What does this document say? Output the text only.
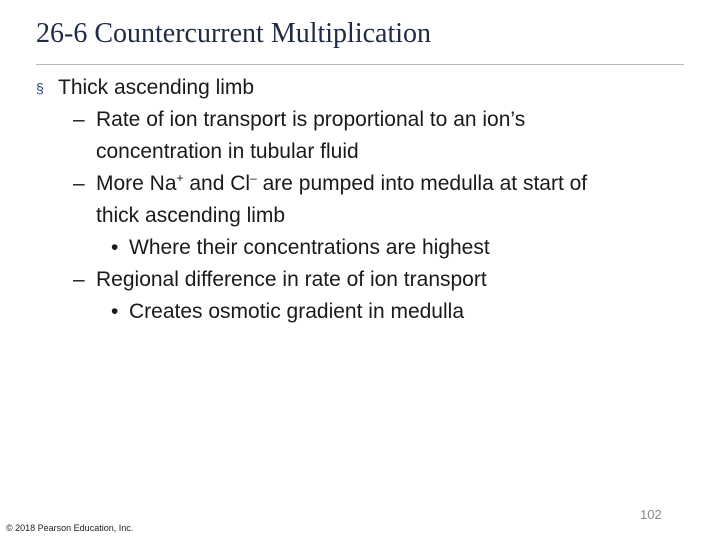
26-6 Countercurrent Multiplication
§ Thick ascending limb
– Rate of ion transport is proportional to an ion’s
concentration in tubular fluid
– More Na+ and Cl– are pumped into medulla at start of
thick ascending limb
• Where their concentrations are highest
– Regional difference in rate of ion transport
• Creates osmotic gradient in medulla
102
© 2018 Pearson Education, Inc.
